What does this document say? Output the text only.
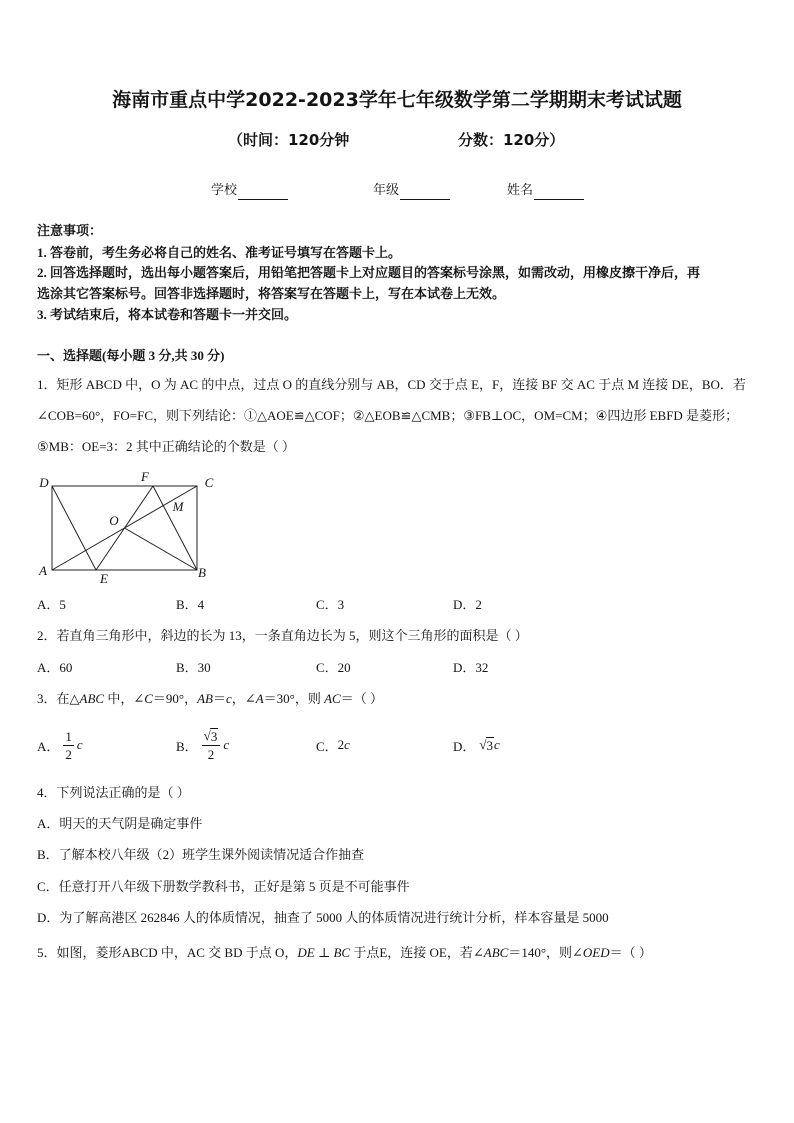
海南市重点中学2022-2023学年七年级数学第二学期期末考试试题
（时间：120分钟	分数：120分）
学校	年级	姓名
注意事项：
1. 答卷前，考生务必将自己的姓名、准考证号填写在答题卡上。
2. 回答选择题时，选出每小题答案后，用铅笔把答题卡上对应题目的答案标号涂黑，如需改动，用橡皮擦干净后，再
选涂其它答案标号。回答非选择题时，将答案写在答题卡上，写在本试卷上无效。
3. 考试结束后，将本试卷和答题卡一并交回。
一、选择题(每小题 3 分,共 30 分)
1．矩形 ABCD 中，O 为 AC 的中点，过点 O 的直线分别与 AB，CD 交于点 E，F，连接 BF 交 AC 于点 M 连接 DE，BO．若
∠COB=60°，FO=FC，则下列结论：①△AOE≌△COF；②△EOB≌△CMB；③FB⊥OC，OM=CM；④四边形 EBFD 是菱形；
⑤MB：OE=3：2 其中正确结论的个数是（ ）
D	F	C
M
O
A
E	B
A．5	B．4	C．3	D．2
2．若直角三角形中，斜边的长为 13，一条直角边长为 5，则这个三角形的面积是（ ）
A．60	B．30	C．20	D．32
3．在△ABC 中，∠C＝90°，AB＝c，∠A＝30°，则 AC＝（ ）
A． $\frac{1}{2}$ c	B． $\frac{√ 3}{2}$ c	C． 2 c	D． √ 3 c
4．下列说法正确的是（ ）
A．明天的天气阴是确定事件
B．了解本校八年级（2）班学生课外阅读情况适合作抽查
C．任意打开八年级下册数学教科书，正好是第 5 页是不可能事件
D．为了解高港区 262846 人的体质情况，抽查了 5000 人的体质情况进行统计分析，样本容量是 5000
5．如图，菱形ABCD 中，AC 交 BD 于点 O，DE ⊥ BC 于点E，连接 OE，若∠ABC＝140°，则∠OED＝（ ）
